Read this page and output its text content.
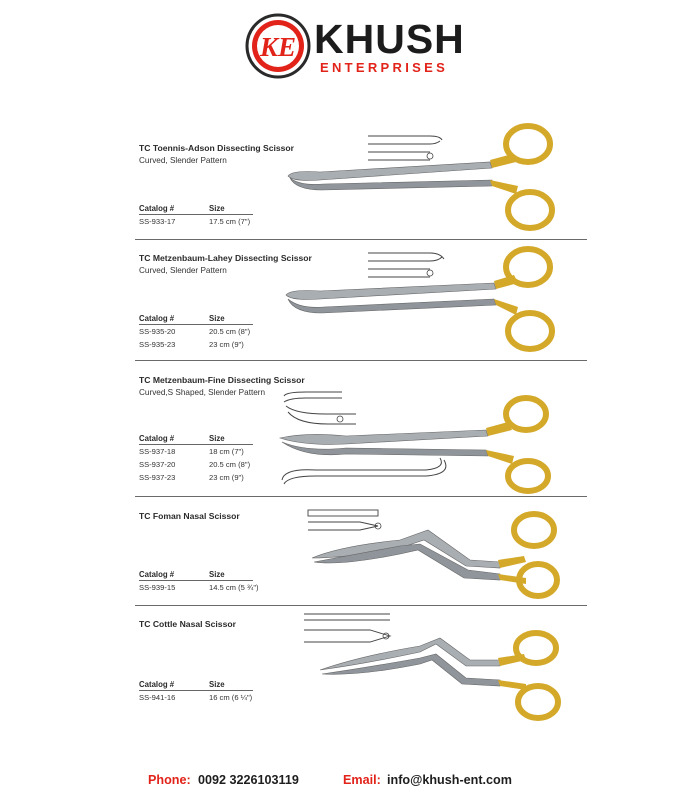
KE KHUSH
ENTERPRISES
TC Toennis-Adson Dissecting Scissor
Curved, Slender Pattern
Catalog #	Size
SS-933-17	17.5 cm (7")
TC Metzenbaum-Lahey Dissecting Scissor
Curved, Slender Pattern
Catalog #	Size
SS-935-20	20.5 cm (8")
SS-935-23	23 cm (9")
TC Metzenbaum-Fine Dissecting Scissor
Curved,S Shaped, Slender Pattern
Catalog #	Size
SS-937-18	18 cm (7")
SS-937-20	20.5 cm (8")
SS-937-23	23 cm (9")
TC Foman Nasal Scissor
Catalog #	Size
SS-939-15	14.5 cm (5 ¾")
TC Cottle Nasal Scissor
Catalog #	Size
SS-941-16	16 cm (6 ¼")
Phone: 0092 3226103119	Email: info@khush-ent.com
